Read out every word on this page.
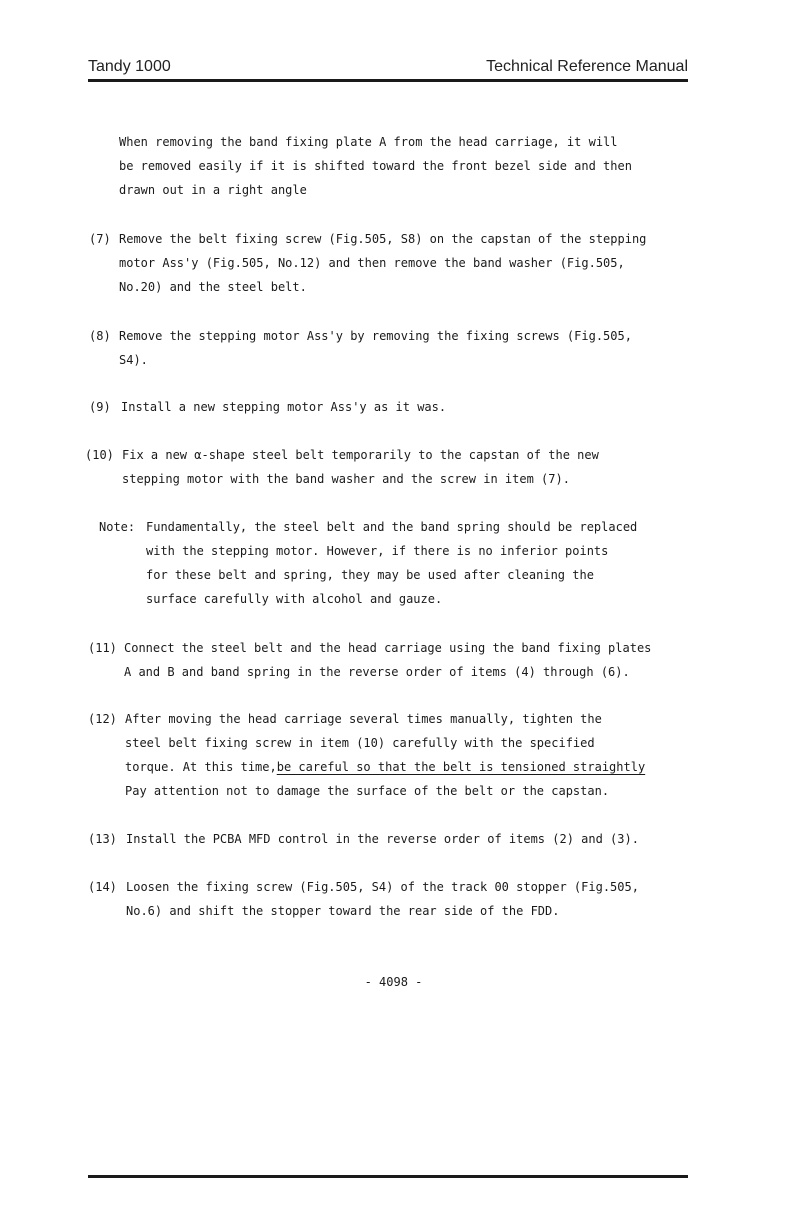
Tandy 1000	Technical Reference Manual
When removing the band fixing plate A from the head carriage, it will
be removed easily if it is shifted toward the front bezel side and then
drawn out in a right angle
(7) Remove the belt fixing screw (Fig.505, S8) on the capstan of the stepping
motor Ass'y (Fig.505, No.12) and then remove the band washer (Fig.505,
No.20) and the steel belt.
(8) Remove the stepping motor Ass'y by removing the fixing screws (Fig.505,
S4).
(9) Install a new stepping motor Ass'y as it was.
(10) Fix a new α-shape steel belt temporarily to the capstan of the new
stepping motor with the band washer and the screw in item (7).
Note: Fundamentally, the steel belt and the band spring should be replaced
with the stepping motor. However, if there is no inferior points
for these belt and spring, they may be used after cleaning the
surface carefully with alcohol and gauze.
(11) Connect the steel belt and the head carriage using the band fixing plates
A and B and band spring in the reverse order of items (4) through (6).
(12) After moving the head carriage several times manually, tighten the
steel belt fixing screw in item (10) carefully with the specified
torque. At this time,be careful so that the belt is tensioned straightly
Pay attention not to damage the surface of the belt or the capstan.
(13) Install the PCBA MFD control in the reverse order of items (2) and (3).
(14) Loosen the fixing screw (Fig.505, S4) of the track 00 stopper (Fig.505,
No.6) and shift the stopper toward the rear side of the FDD.
- 4098 -
